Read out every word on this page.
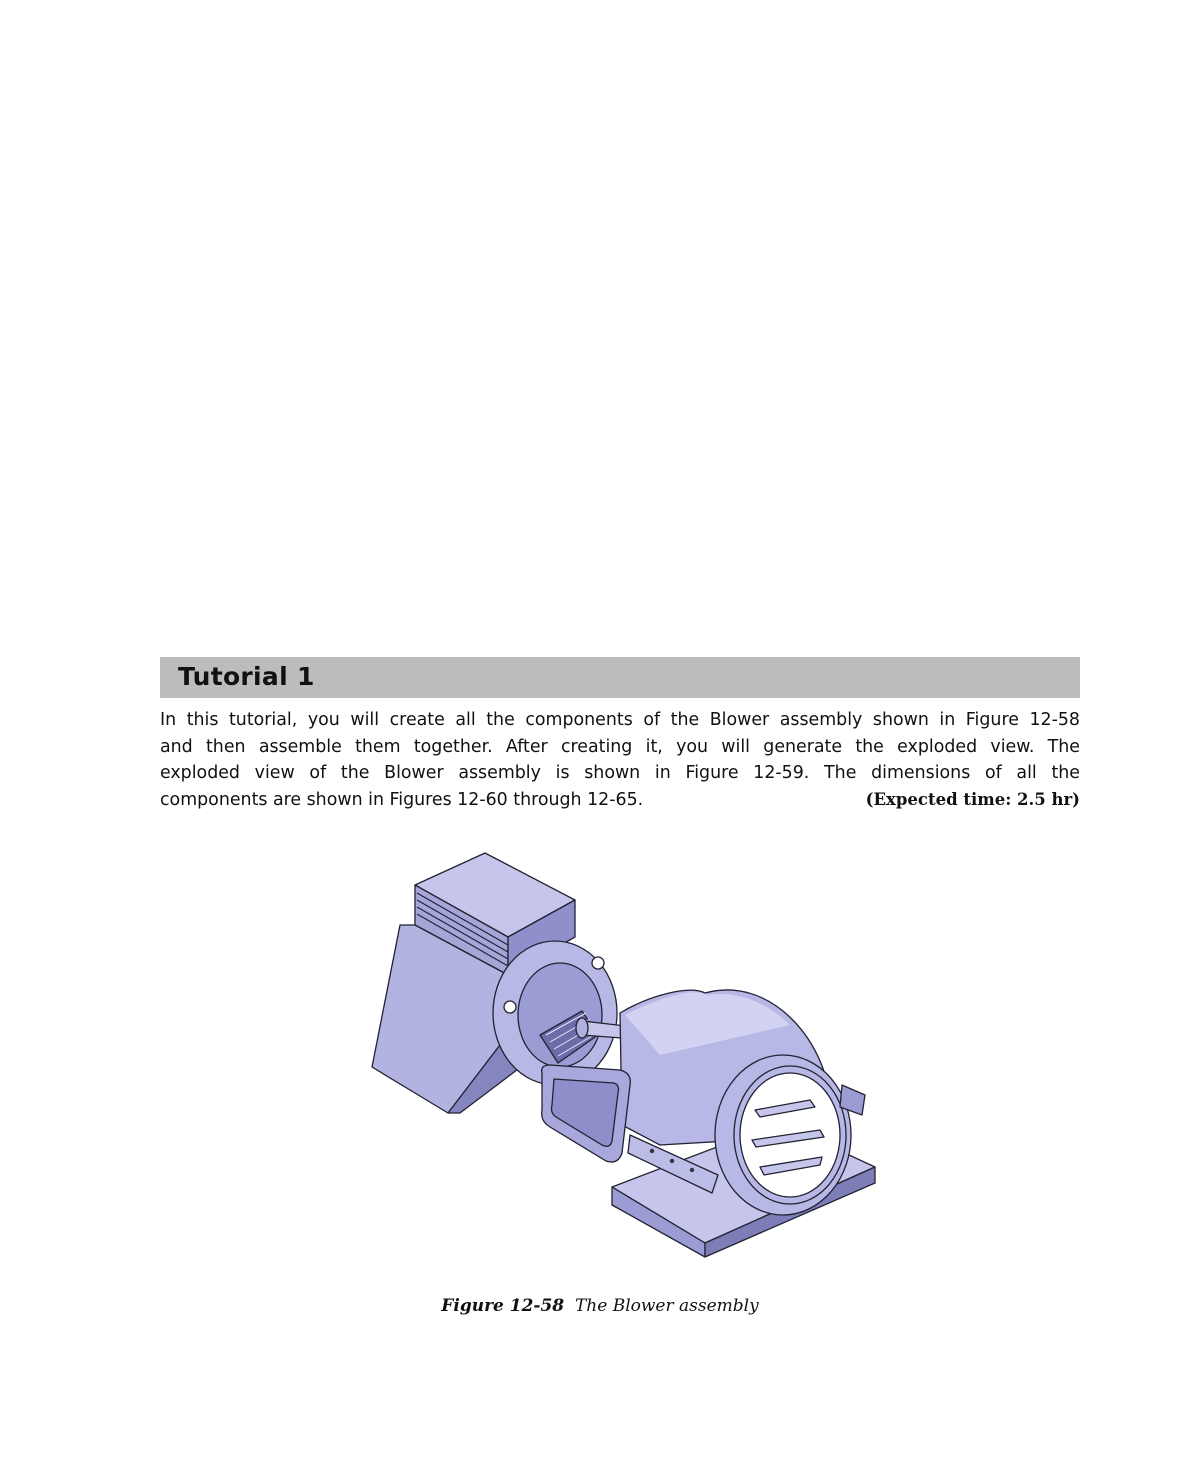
Tutorial 1
In this tutorial, you will create all the components of the Blower assembly shown in Figure 12-58
and then assemble them together. After creating it, you will generate the exploded view. The
exploded view of the Blower assembly is shown in Figure 12-59. The dimensions of all the
components are shown in Figures 12-60 through 12-65.	(Expected time: 2.5 hr)
Figure 12-58 The Blower assembly
